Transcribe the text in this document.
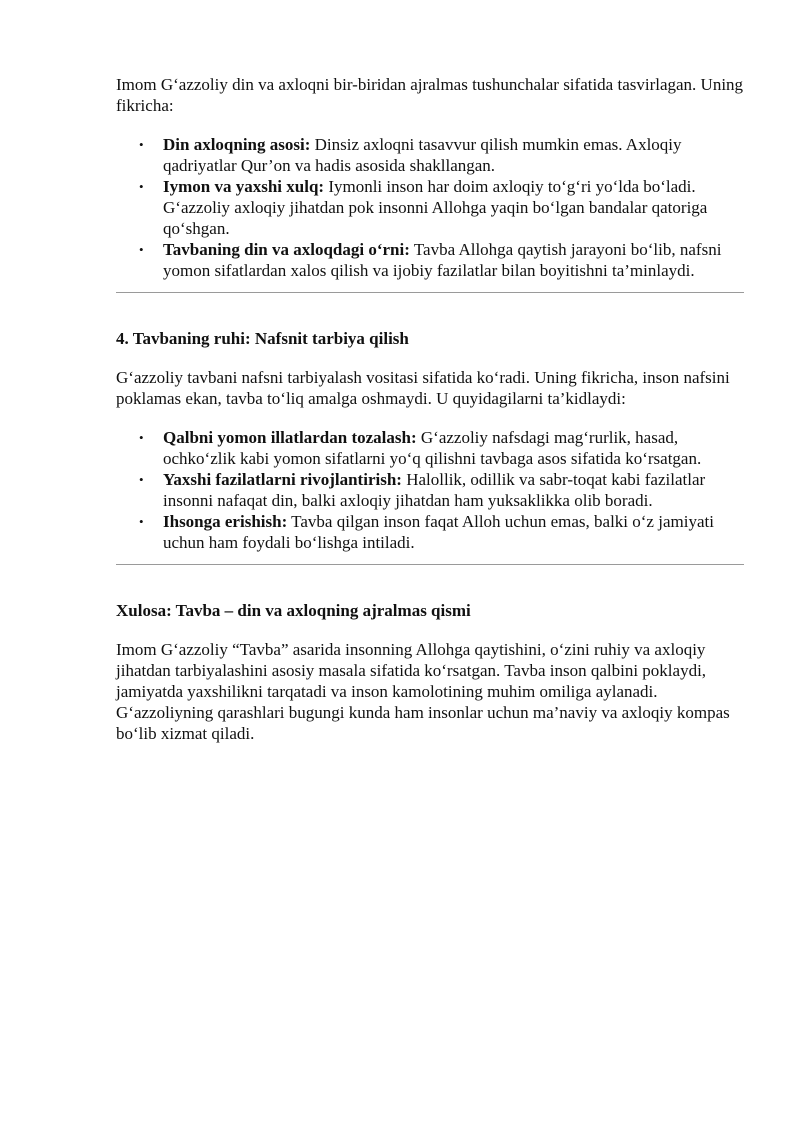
Imom G‘azzoliy din va axloqni bir-biridan ajralmas tushunchalar sifatida tasvirlagan. Uning fikricha:

• Din axloqning asosi: Dinsiz axloqni tasavvur qilish mumkin emas. Axloqiy qadriyatlar Qur’on va hadis asosida shakllangan.
• Iymon va yaxshi xulq: Iymonli inson har doim axloqiy to‘g‘ri yo‘lda bo‘ladi. G‘azzoliy axloqiy jihatdan pok insonni Allohga yaqin bo‘lgan bandalar qatoriga qo‘shgan.
• Tavbaning din va axloqdagi o‘rni: Tavba Allohga qaytish jarayoni bo‘lib, nafsni yomon sifatlardan xalos qilish va ijobiy fazilatlar bilan boyitishni ta’minlaydi.
4. Tavbaning ruhi: Nafsnit tarbiya qilish

G‘azzoliy tavbani nafsni tarbiyalash vositasi sifatida ko‘radi. Uning fikricha, inson nafsini poklamas ekan, tavba to‘liq amalga oshmaydi. U quyidagilarni ta’kidlaydi:

• Qalbni yomon illatlardan tozalash: G‘azzoliy nafsdagi mag‘rurlik, hasad, ochko‘zlik kabi yomon sifatlarni yo‘q qilishni tavbaga asos sifatida ko‘rsatgan.
• Yaxshi fazilatlarni rivojlantirish: Halollik, odillik va sabr-toqat kabi fazilatlar insonni nafaqat din, balki axloqiy jihatdan ham yuksaklikka olib boradi.
• Ihsonga erishish: Tavba qilgan inson faqat Alloh uchun emas, balki o‘z jamiyati uchun ham foydali bo‘lishga intiladi.
Xulosa: Tavba – din va axloqning ajralmas qismi

Imom G‘azzoliy “Tavba” asarida insonning Allohga qaytishini, o‘zini ruhiy va axloqiy jihatdan tarbiyalashini asosiy masala sifatida ko‘rsatgan. Tavba inson qalbini poklaydi, jamiyatda yaxshilikni tarqatadi va inson kamolotining muhim omiliga aylanadi. G‘azzoliyning qarashlari bugungi kunda ham insonlar uchun ma’naviy va axloqiy kompas bo‘lib xizmat qiladi.
